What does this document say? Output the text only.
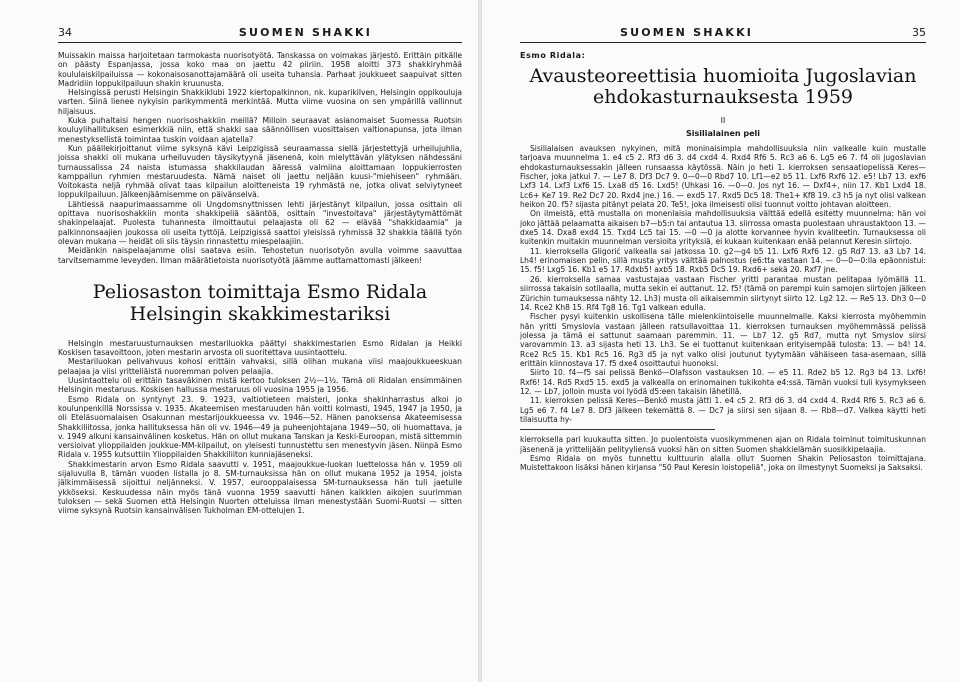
34	SUOMEN SHAKKI

Muissakin maissa harjoitetaan tarmokasta nuorisotyötä. Tanskassa on voimakas järjestö. Erittäin pitkälle on päästy Espanjassa, jossa koko maa on jaettu 42 piiriin. 1958 aloitti 373 shakkiryhmää koululaiskilpailuissa — kokonaisosanottajamäärä oli useita tuhansia. Parhaat joukkueet saapuivat sitten Madridiin loppukilpailuun shakin kruunusta.

Helsingissä perusti Helsingin Shakkiklubi 1922 kiertopalkinnon, nk. kuparikilven, Helsingin oppikouluja varten. Siinä lienee nykyisin parikymmentä merkintää. Mutta viime vuosina on sen ympärillä vallinnut hiljaisuus.

Kuka puhaltaisi hengen nuorisoshakkiin meillä? Milloin seuraavat asianomaiset Suomessa Ruotsin kouluylihallituksen esimerkkiä niin, että shakki saa säännöllisen vuosittaisen valtionapunsa, jota ilman menestyksellistä toimintaa tuskin voidaan ajatella?

Kun päällekirjoittanut viime syksynä kävi Leipzigissä seuraamassa siellä järjestettyjä urheilujuhlia, joissa shakki oli mukana urheiluvuden täysikytyynä jäsenenä, koin mielyttävän ylätyksen nähdessäni turnaussalissa 24 naista istumassa shakkilaudan ääressä valmiina aloittamaan loppukierrosten kamppailun ryhmien mestaruudesta. Nämä naiset oli jaettu neljään kuusi-"miehiseen" ryhmään. Voitokasta neljä ryhmää olivat taas kilpailun aloitteneista 19 ryhmästä ne, jotka olivat selviytyneet loppukilpailuun. Jälkeenjäämisemme on päivänselvä.

Lähtiessä naapurimaassamme oli Ungdomsnyttnissen lehti järjestänyt kilpailun, jossa osittain oli opittava nuorisoshakkiin monta shakkipeliä sääntöä, osittain "investoitava" järjestäytymättömät shakinpelaajat. Puolesta tuhannesta ilmoittautui pelaajasta oli 62 — elävää "shakkidaamia" ja palkinnonsaajien joukossa oli useita tyttöjä. Leipzigissä saattoi yleisissä ryhmissä 32 shakkia täällä työn olevan mukana — heidät oli siis täysin rinnastettu miespelaajiin.

Meidänkin naispelaajamme olisi saatava esiin. Tehostetun nuorisotyön avulla voimme saavuttaa tarvitsemamme leveyden. Ilman määrätietoista nuorisotyötä jäämme auttamattomasti jälkeen!

Peliosaston toimittaja Esmo Ridala
Helsingin skakkimestariksi

Helsingin mestaruusturnauksen mestariluokka päättyi shakkimestarien Esmo Ridalan ja Heikki Koskisen tasavoittoon, joten mestarin arvosta oli suoritettava uusintaottelu.

Mestariluokan pelivahvuus kohosi erittäin vahvaksi, sillä olihan mukana viisi maajoukkueeskuan pelaajaa ja viisi yritteliäistä nuoremman polven pelaajia.

Uusintaottelu oli erittäin tasaväkinen mistä kertoo tuloksen 2½—1½. Tämä oli Ridalan ensimmäinen Helsingin mestaruus. Koskisen hallussa mestaruus oli vuosina 1955 ja 1956.

Esmo Ridala on syntynyt 23. 9. 1923, valtiotieteen maisteri, jonka shakinharrastus alkoi jo koulunpenkillä Norssissa v. 1935. Akateemisen mestaruuden hän voitti kolmasti, 1945, 1947 ja 1950, ja oli Eteläsuomalaisen Osakunnan mestarijoukkueessa vv. 1946—52. Hänen panoksensa Akateemisessa Shakkiliitossa, jonka hallituksessa hän oli vv. 1946—49 ja puheenjohtajana 1949—50, oli huomattava, ja v. 1949 alkuni kansainvälinen kosketus. Hän on ollut mukana Tanskan ja Keski-Euroopan, mistä sittemmin versioivat ylioppilaiden joukkue-MM-kilpailut, on yleisesti tunnustettu sen menestyvin jäsen. Niinpä Esmo Ridala v. 1955 kutsuttiin Ylioppilaiden Shakkiliiton kunniajäseneksi.

Shakkimestarin arvon Esmo Ridala saavutti v. 1951, maajoukkue-luokan luettelossa hän v. 1959 oli sijaluvulla 8, tämän vuoden listalla jo 8. SM-turnauksissa hän on ollut mukana 1952 ja 1954, joista jälkimmäisessä sijoittui neljänneksi. V. 1957, eurooppalaisessa SM-turnauksessa hän tuli jaetulle ykköseksi. Keskuudessa näin myös tänä vuonna 1959 saavutti hänen kaikkien aikojen suurimman tuloksen — sekä Suomen että Helsingin Nuorten otteluissa ilman menestystään Suomi-Ruotsi — sitten viime syksynä Ruotsin kansainvälisen Tukholman EM-ottelujen 1.

SUOMEN SHAKKI	35
Esmo Ridala:
Avausteoreettisia huomioita Jugoslavian
ehdokasturnauksesta 1959
II
Sisilialainen peli

Sisilialaisen avauksen nykyinen, mitä moninaisimpia mahdollisuuksia niin valkealle kuin mustalle tarjoava muunnelma 1. e4 c5 2. Rf3 d6 3. d4 cxd4 4. Rxd4 Rf6 5. Rc3 a6 6. Lg5 e6 7. f4 oli jugoslavian ehdokasturnauksessakin jälleen runsaassa käytössä. Näin jo heti 1. kierroksen sensaatiopelissä Keres—Fischer, joka jatkui 7. — Le7 8. Df3 Dc7 9. 0—0—0 Rbd7 10. Lf1—e2 b5 11. Lxf6 Rxf6 12. e5! Lb7 13. exf6 Lxf3 14. Lxf3 Lxf6 15. Lxa8 d5 16. Lxd5! (Uhkasi 16. —0—0. Jos nyt 16. — Dxf4+, niin 17. Kb1 Lxd4 18. Lc6+ Ke7 19. Re2 Dc7 20. Rxd4 jne.) 16. — exd5 17. Rxd5 Dc5 18. The1+ Kf8 19. c3 h5 ja nyt olisi valkean heikon 20. f5? sijasta pitänyt pelata 20. Te5!, joka ilmeisesti olisi tuonnut voitto johtavan aloitteen.

On ilmeistä, että mustalla on monenlaisia mahdollisuuksia välttää edellä esitetty muunnelma: hän voi joko jättää pelaamatta aikaisen b7—b5:n tai antautua 13. siirrossa omasta puolestaan uhraustaktoon 13. — dxe5 14. Dxa8 exd4 15. Txd4 Lc5 tai 15. —0 —0 ja alotte korvannee hyvin kvaliteetin. Turnauksessa oli kuitenkin muitakin muunnelman versioita yrityksiä, ei kukaan kuitenkaan enää pelannut Keresin siirtojo.

11. kierroksella Gligorić valkealla sai jatkossa 10. g2—g4 b5 11. Lxf6 Rxf6 12. g5 Rd7 13. a3 Lb7 14. Lh4! erinomaisen pelin, sillä musta yritys välttää palnostus (e6:tta vastaan 14. — 0—0—0:lla epäonnistui: 15. f5! Lxg5 16. Kb1 e5 17. Rdxb5! axb5 18. Rxb5 Dc5 19. Rxd6+ sekä 20. Rxf7 jne.

26. kierroksella samaa vastustajaa vastaan Fischer yritti parantaa mustan pelitapaa lyömällä 11. siirrossa takaisin sotilaalla, mutta sekin ei auttanut. 12. f5! (tämä on parempi kuin samojen siirtojen jälkeen Zürichin turnauksessa nähty 12. Lh3) musta oli aikaisemmin siirtynyt siirto 12. Lg2 12. — Re5 13. Dh3 0—0 14. Rce2 Kh8 15. Rf4 Tg8 16. Tg1 valkean edulla.

Fischer pysyi kuitenkin uskollisena tälle mielenkiintoiselle muunnelmalle. Kaksi kierrosta myöhemmin hän yritti Smyslovia vastaan jälleen ratsullavoittaa 11. kierroksen turnauksen myöhemmässä pelissä jolessa ja tämä ei sattunut saamaan paremmin. 11. — Lb7 12. g5 Rd7, mutta nyt Smyslov siirsi varovammin 13. a3 sijasta heti 13. Lh3. Se ei tuottanut kuitenkaan erityisempää tulosta: 13. — b4! 14. Rce2 Rc5 15. Kb1 Rc5 16. Rg3 d5 ja nyt valko olisi joutunut tyytymään vähäiseen tasa-asemaan, sillä erittäin kiinnostava 17. f5 dxe4 osoittautui huonoksi.

Siirto 10. f4—f5 sai pelissä Benkö—Olafsson vastauksen 10. — e5 11. Rde2 b5 12. Rg3 b4 13. Lxf6! Rxf6! 14. Rd5 Rxd5 15. exd5 ja valkealla on erinomainen tukikohta e4:ssä. Tämän vuoksi tuli kysymykseen 12. — Lb7, jolloin musta voi lyödä d5:een takaisin lähetillä.

11. kierroksen pelissä Keres—Benkö musta jätti 1. e4 c5 2. Rf3 d6 3. d4 cxd4 4. Rxd4 Rf6 5. Rc3 a6 6. Lg5 e6 7. f4 Le7 8. Df3 jälkeen tekemättä 8. — Dc7 ja siirsi sen sijaan 8. — Rb8—d7. Valkea käytti heti tilaisuutta hy-

kierroksella pari kuukautta sitten. Jo puolentoista vuosikymmenen ajan on Ridala toiminut toimituskunnan jäsenenä ja yrittelijään pelityyliensä vuoksi hän on sitten Suomen shakkielämän suosikkipelaajia.

Esmo Ridala on myös tunnettu kulttuurin alalla olluт Suomen Shakin Peliosaston toimittajana. Muistettakoon lisäksi hänen kirjansa "50 Paul Keresin loistopeliä", joka on ilmestynyt Suomeksi ja Saksaksi.
